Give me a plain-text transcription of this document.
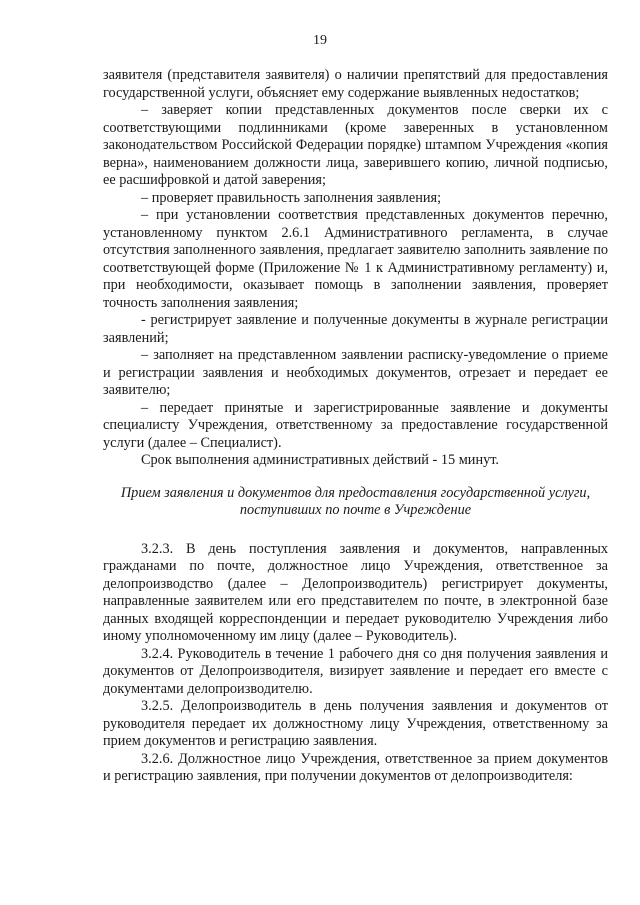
19

заявителя (представителя заявителя) о наличии препятствий для предоставления государственной услуги, объясняет ему содержание выявленных недостатков;

– заверяет копии представленных документов после сверки их с соответствующими подлинниками (кроме заверенных в установленном законодательством Российской Федерации порядке) штампом Учреждения «копия верна», наименованием должности лица, заверившего копию, личной подписью, ее расшифровкой и датой заверения;

– проверяет правильность заполнения заявления;

– при установлении соответствия представленных документов перечню, установленному пунктом 2.6.1 Административного регламента, в случае отсутствия заполненного заявления, предлагает заявителю заполнить заявление по соответствующей форме (Приложение № 1 к Административному регламенту) и, при необходимости, оказывает помощь в заполнении заявления, проверяет точность заполнения заявления;

- регистрирует заявление и полученные документы в журнале регистрации заявлений;

– заполняет на представленном заявлении расписку-уведомление о приеме и регистрации заявления и необходимых документов, отрезает и передает ее заявителю;

– передает принятые и зарегистрированные заявление и документы специалисту Учреждения, ответственному за предоставление государственной услуги (далее – Специалист).

Срок выполнения административных действий - 15 минут.

Прием заявления и документов для предоставления государственной услуги, поступивших по почте в Учреждение

3.2.3. В день поступления заявления и документов, направленных гражданами по почте, должностное лицо Учреждения, ответственное за делопроизводство (далее – Делопроизводитель) регистрирует документы, направленные заявителем или его представителем по почте, в электронной базе данных входящей корреспонденции и передает руководителю Учреждения либо иному уполномоченному им лицу (далее – Руководитель).

3.2.4. Руководитель в течение 1 рабочего дня со дня получения заявления и документов от Делопроизводителя, визирует заявление и передает его вместе с документами делопроизводителю.

3.2.5. Делопроизводитель в день получения заявления и документов от руководителя передает их должностному лицу Учреждения, ответственному за прием документов и регистрацию заявления.

3.2.6. Должностное лицо Учреждения, ответственное за прием документов и регистрацию заявления, при получении документов от делопроизводителя:
